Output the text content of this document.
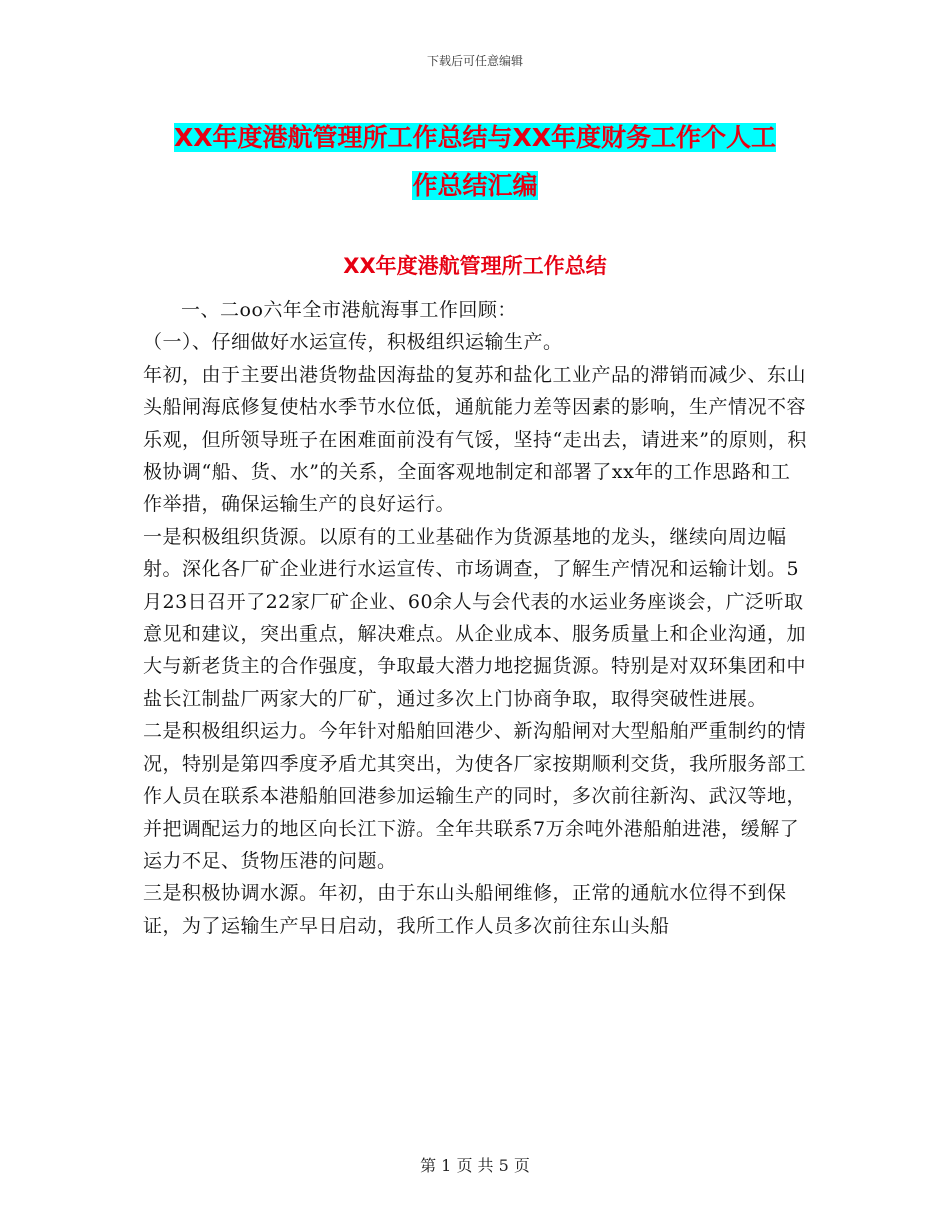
下载后可任意编辑
XX年度港航管理所工作总结与XX年度财务工作个人工
作总结汇编
XX年度港航管理所工作总结

一、二oo六年全市港航海事工作回顾：

（一）、仔细做好水运宣传，积极组织运输生产。

年初，由于主要出港货物盐因海盐的复苏和盐化工业产品的滞销而减少、东山头船闸海底修复使枯水季节水位低，通航能力差等因素的影响，生产情况不容乐观，但所领导班子在困难面前没有气馁，坚持“走出去，请进来”的原则，积极协调“船、货、水”的关系，全面客观地制定和部署了xx年的工作思路和工作举措，确保运输生产的良好运行。

一是积极组织货源。以原有的工业基础作为货源基地的龙头，继续向周边幅射。深化各厂矿企业进行水运宣传、市场调查，了解生产情况和运输计划。5月23日召开了22家厂矿企业、60余人与会代表的水运业务座谈会，广泛听取意见和建议，突出重点，解决难点。从企业成本、服务质量上和企业沟通，加大与新老货主的合作强度，争取最大潜力地挖掘货源。特别是对双环集团和中盐长江制盐厂两家大的厂矿，通过多次上门协商争取，取得突破性进展。

二是积极组织运力。今年针对船舶回港少、新沟船闸对大型船舶严重制约的情况，特别是第四季度矛盾尤其突出，为使各厂家按期顺利交货，我所服务部工作人员在联系本港船舶回港参加运输生产的同时，多次前往新沟、武汉等地，并把调配运力的地区向长江下游。全年共联系7万余吨外港船舶进港，缓解了运力不足、货物压港的问题。

三是积极协调水源。年初，由于东山头船闸维修，正常的通航水位得不到保证，为了运输生产早日启动，我所工作人员多次前往东山头船

第 1 页 共 5 页
